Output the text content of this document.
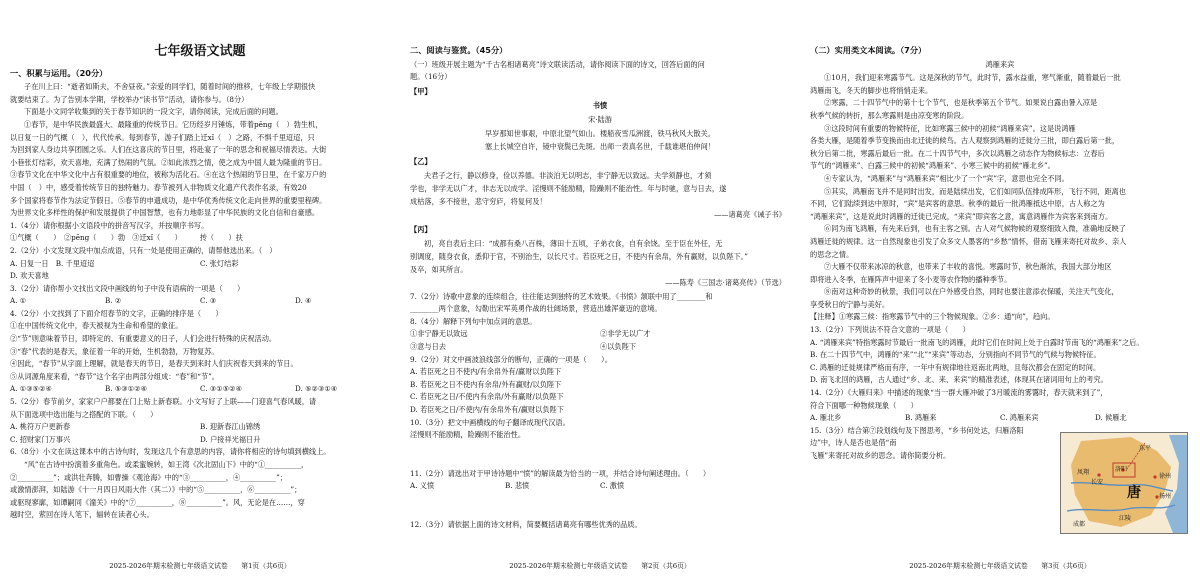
七年级语文试题
一、积累与运用。（20分）

子在川上曰：“逝者如斯夫，不舍昼夜。”亲爱的同学们，随着时间的推移，七年级上学期很快

就要结束了。为了告别本学期，学校举办“读书节”活动，请你参与。（8分）

下面是小文同学收集到的关于春节知识的一段文字，请你阅读，完成后面的问题。

①春节，是中华民族最盛大、最隆重的传统节日。它历经岁月锤炼，带着pēng（　）勃生机，

以日复一日的气概（　），代代传承。每到春节，游子们踏上迁xǐ（　）之路，不惧千里迢迢，只

为回到家人身边共享团圆之乐。人们在这喜庆的节日里，将赴宴了一年的思念和祝福尽情表达。大街

小巷张灯结彩，欢天喜地，充满了热闹的气氛。②如此浓烈之情，使之成为中国人最为隆重的节日。

③春节文化在中华文化中占有很重要的地位，被称为活化石。④在这个热闹的节日里，在千家万户的

中国（　）中，感受着传统节日的独特魅力。春节被列入非物质文化遗产代表作名录，有效20

多个国家将春节作为法定节假日。⑤春节的申遗成功，是中华优秀传统文化走向世界的重要里程碑。

为世界文化多样性的保护和发展提供了中国智慧，也有力地彰显了中华民族的文化自信和自豪感。

1.（4分）请你根据小文语段中的拼音写汉字，并按顺序书写。

①气概（　　）　②pēng（　　）勃　③迁xǐ（　　）　　　抟（　　）扶

2.（2分）小文发现文段中加点成语，只有一处是使用正确的，请帮他选出来。（　）

A. 日复一日　B. 千里迢迢	C. 张灯结彩
D. 欢天喜地

3.（2分）请你帮小文找出文段中画线的句子中没有语病的一项是（　　）

A. ①	B. ②	C. ③	D. ④

4.（2分）小文找到了下面介绍春节的文字，正确的排序是（　　）

①在中国传统文化中，春天被视为生命和希望的象征。

②“节”则意味着节日，即特定的、有重要意义的日子，人们会进行特殊的庆祝活动。

③“春”代表的是春天，象征着一年的开始，生机勃勃，万物复苏。

④因此，“春节”从字面上理解，就是春天的节日，是春天到来时人们庆祝春天到来的节日。

⑤从词源角度来看，“春节”这个名字由两部分组成：“春”和“节”。

A. ①③⑤②④	B. ⑤③①②④	C. ③①⑤②④	D. ⑤②③①④

5.（2分）春节前夕，家家户户都要在门上贴上新春联。小文写好了上联——门迎喜气春风暖，请

从下面选项中选出能与之搭配的下联。（　　）

A. 桃符万户更新春	B. 迎新春江山锦绣
C. 招财家门万事兴	D. 户接祥光福日升

6.（8分）小文在读这课本中的古诗句时，发现这几个有意思的内容，请你将相应的诗句填到横线上。

“风”在古诗中扮演着多重角色。或柔蜜婉转，如王湾《次北固山下》中的“①__________，

②__________”；或洪壮奔腾，如曹操《观沧海》中的“③__________，④__________”；

或激情澎湃，如陆游《十一月四日风雨大作（其二）》中的“⑤__________，⑥__________”；

或驱现寥廓，如谭嗣同《潼关》中的“⑦__________，⑧__________”。风，无论是在……，穿

越时空，萦回在诗人笔下，辐转在读者心头。

2025-2026年期末检测七年级语文试卷　　第1页（共6页）
二、阅读与鉴赏。（45分）

（一）班级开展主题为“千古名相诸葛亮”诗文联读活动，请你阅读下面的诗文，回答后面的问

题。（16分）

【甲】
书愤
宋·陆游
早岁那知世事艰，中原北望气如山。楼船夜雪瓜洲渡，铁马秋风大散关。
塞上长城空自许，镜中衰鬓已先斑。出师一表真名世，千载谁堪伯仲间！
【乙】

夫君子之行，静以修身，俭以养德。非淡泊无以明志，非宁静无以致远。夫学须静也，才须

学也，非学无以广才，非志无以成学。淫慢则不能励精，险躁则不能治性。年与时驰，意与日去，遂

成枯落，多不接世，悲守穷庐，将复何及！

——诸葛亮《诫子书》
【丙】

初，亮自表后主曰：“成都有桑八百株，薄田十五顷，子弟衣食，自有余饶。至于臣在外任，无

别调度，随身衣食，悉仰于官，不别治生，以长尺寸。若臣死之日，不使内有余帛，外有赢财，以负陛下。”

及卒，如其所言。

——陈寿《三国志·诸葛亮传》（节选）

7.（2分）诗歌中意象的连续组合，往往能达到独特的艺术效果。《书愤》颔联中用了________和

________两个意象，勾勒出宋军英勇作战的壮阔场景，营造出雄浑豪迈的意境。

8.（4分）解释下列句中加点词的意思。

①非宁静无以致远	②非学无以广才
③意与日去	④以负陛下

9.（2分）对文中画波浪线部分的断句，正确的一项是（　　）。

A. 若臣死之日不使内/有余帛外有/赢财以负陛下

B. 若臣死之日不使内有余帛/外有赢财/以负陛下

C. 若臣死之日/不使内有余帛/外有赢财/以负陛下

D. 若臣死之日/不使内/有余帛外有/赢财以负陛下

10.（3分）把文中画横线的句子翻译成现代汉语。

淫慢则不能励精，险躁则不能治性。

11.（2分）请选出对于甲诗诗题中“愤”的解读最为恰当的一项，并结合诗句阐述理由。（　　）

A. 义愤	B. 悲愤	C. 激愤

12.（3分）请依据上面的诗文材料，简要概括诸葛亮有哪些优秀的品质。

2025-2026年期末检测七年级语文试卷　　第2页（共6页）
（二）实用类文本阅读。（7分）
鸿雁来宾

①10月，我们迎来寒露节气。这是深秋的节气，此时节，露水益重，寒气渐重，随着最后一批

鸿雁南飞，冬天的脚步也将悄悄走来。

②寒露，二十四节气中的第十七个节气，也是秋季第五个节气。如果说白露由暑入凉是

秋季气候的转折，那么寒露则是由凉变寒的阶段。

③这段时间有重要的物候特征，比如寒露三候中的初候“鸿雁来宾”。这是说鸿雁

各类大雁，是随着季节变换而由北迁徙的候鸟。古人观察到鸿雁的迁徙分三批，即白露后第一批，

秋分后第二批，寒露后最后一批。在二十四节气中，多次以鸿雁之动态作为物候标志：立春后

节气的“鸿雁来”、白露三候中的初候“鸿雁来”、小寒三候中的初候“雁北乡”。

④专家认为，“鸿雁来”与“鸿雁来宾”相比少了一个“宾”字，意思也完全不同。

⑤其实，鸿雁南飞并不是同时出发，而是陆续出发，它们如同队伍排成阵形，飞行不同，距离也

不同，它们陆续到达中原时，“宾”是宾客的意思。秋季的最后一批鸿雁抵达中原，古人称之为

“鸿雁来宾”，这是说此时鸿雁的迁徙已完成，“来宾”即宾客之意，寓意鸿雁作为宾客来到南方。

⑥同为南飞鸿雁，有先来后到，也有主客之别。古人对气候物候的观察细致入微，准确地反映了

鸿雁迁徙的规律。这一自然现象也引发了众多文人墨客的“乡愁”情怀，借南飞雁来寄托对故乡、亲人

的思念之情。

⑦大雁不仅带来冰凉的秋意，也带来了丰收的喜悦。寒露时节，秋色渐浓，我国大部分地区

即将进入冬季，在雁阵声中迎来了冬小麦等农作物的播种季节。

⑧南对这种奇妙的秋景，我们可以在户外感受自然，同时也要注意添衣保暖，关注天气变化，

享受秋日的宁静与美好。

【注释】①寒露三候：指寒露节气中的三个物候现象。②乡：通“向”，趋向。

13.（2分）下列说法不符合文意的一项是（　　）

A. “鸿雁来宾”特指寒露时节最后一批南飞的鸿雁，此时它们在时间上处于白露时节南飞的“鸿雁来”之后。

B. 在二十四节气中，鸿雁的“来”“北”“来宾”等动态，分别指向不同节气的气候与物候特征。

C. 鸿雁的迁徙规律严格而有序，一年中有规律地往返南北两地，且每次都会在固定的时间。

D. 南飞北回的鸿雁，古人通过“乡、北、来、来宾”的精准表述，体现其在诸词用句上的考究。

14.（2分）《大雁归来》中描述的现象“当一群大雁冲破了3月暖流的雾霭时，春天就来到了”，

符合下面哪一种物候现象（　　）

A. 雁北乡	B. 鸿雁来	C. 鸿雁来宾	D. 候雁北

15.（3分）结合第⑦段划线句及下图思考，“乡书何处达，归雁洛阳边”中，诗人是否也是借“南

飞雁”来寄托对故乡的思念。请你简要分析。

东平
徐州
洛阳
长安
凤翔
扬州
成都
江陵
唐
2025-2026年期末检测七年级语文试卷　　第3页（共6页）
